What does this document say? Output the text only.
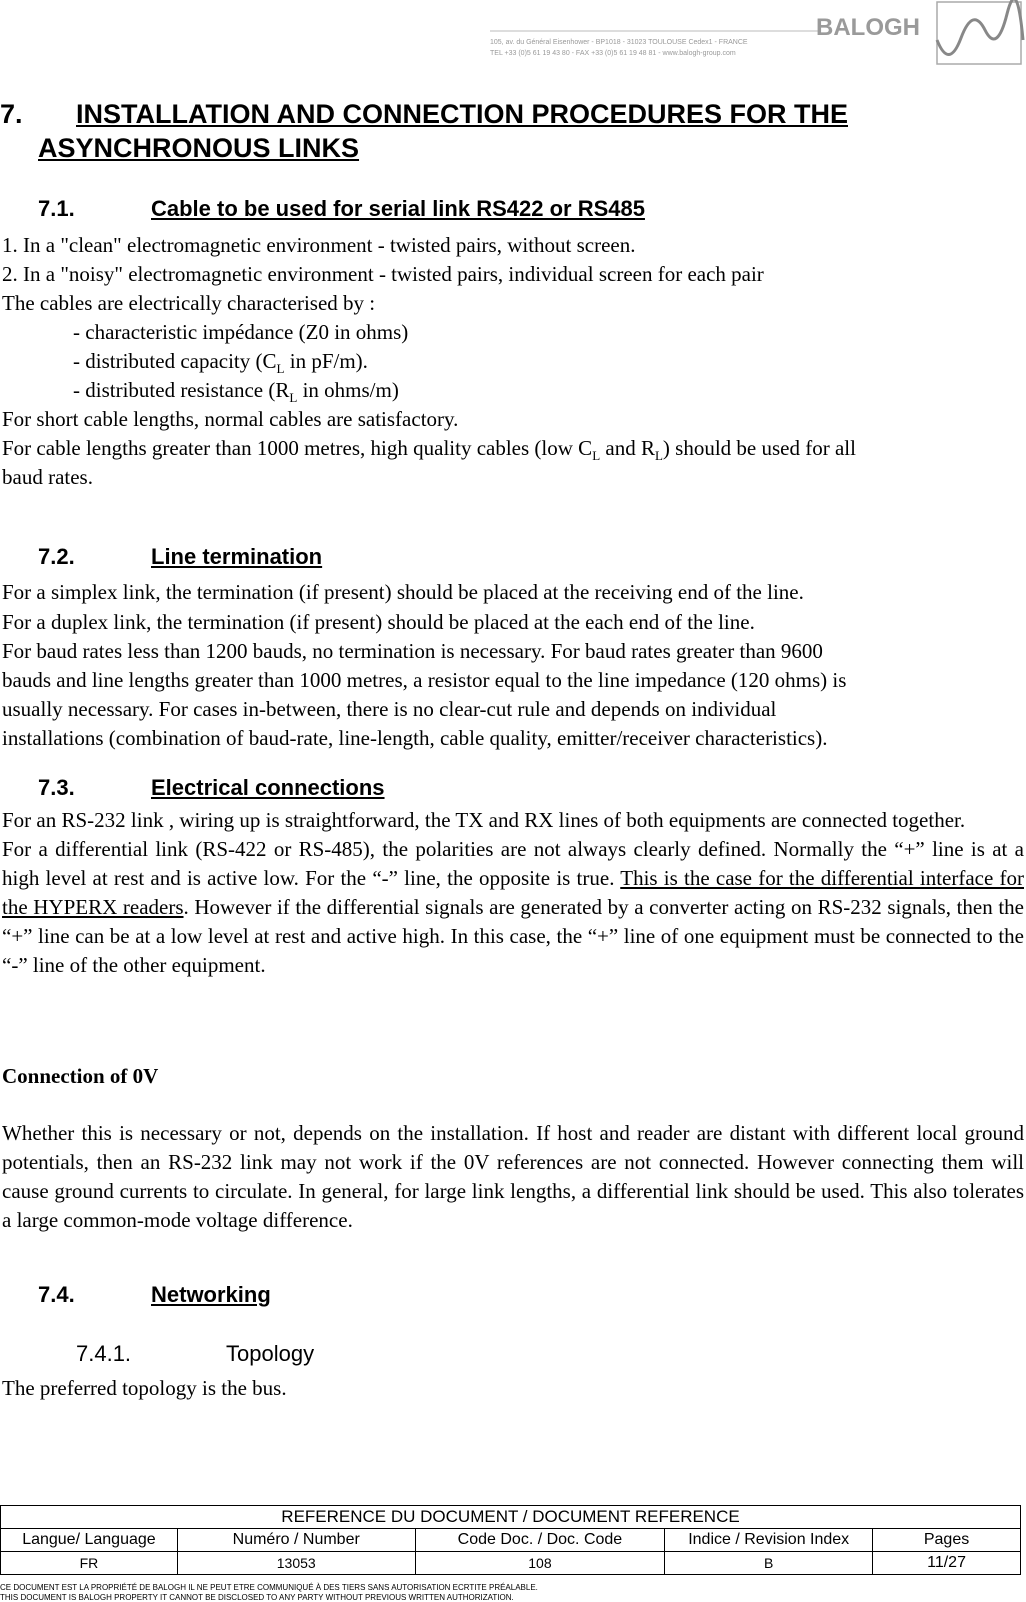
105, av. du Général Eisenhower - BP1018 - 31023 TOULOUSE Cedex1 - FRANCE
TEL +33 (0)5 61 19 43 80 - FAX +33 (0)5 61 19 48 81 - www.balogh-group.com
BALOGH
7. INSTALLATION AND CONNECTION PROCEDURES FOR THE
ASYNCHRONOUS LINKS
7.1.	Cable to be used for serial link RS422 or RS485
1. In a "clean" electromagnetic environment - twisted pairs, without screen.
2. In a "noisy" electromagnetic environment - twisted pairs, individual screen for each pair
The cables are electrically characterised by :
- characteristic impédance (Z0 in ohms)
- distributed capacity ($C_L$ in pF/m).
- distributed resistance ($R_L$ in ohms/m)
For short cable lengths, normal cables are satisfactory.
For cable lengths greater than 1000 metres, high quality cables (low $C_L$ and $R_L$) should be used for all
baud rates.
7.2.	Line termination
For a simplex link, the termination (if present) should be placed at the receiving end of the line.
For a duplex link, the termination (if present) should be placed at the each end of the line.
For baud rates less than 1200 bauds, no termination is necessary. For baud rates greater than 9600
bauds and line lengths greater than 1000 metres, a resistor equal to the line impedance (120 ohms) is
usually necessary. For cases in-between, there is no clear-cut rule and depends on individual
installations (combination of baud-rate, line-length, cable quality, emitter/receiver characteristics).
7.3.	Electrical connections

For an RS-232 link , wiring up is straightforward, the TX and RX lines of both equipments are connected together.

For a differential link (RS-422 or RS-485), the polarities are not always clearly defined. Normally the “+” line is at a high level at rest and is active low. For the “-” line, the opposite is true. This is the case for the differential interface for the HYPERX readers. However if the differential signals are generated by a converter acting on RS-232 signals, then the “+” line can be at a low level at rest and active high. In this case, the “+” line of one equipment must be connected to the “-” line of the other equipment.

Connection of 0V
Whether this is necessary or not, depends on the installation. If host and reader are distant with different local ground potentials, then an RS-232 link may not work if the 0V references are not connected. However connecting them will cause ground currents to circulate. In general, for large link lengths, a differential link should be used. This also tolerates a large common-mode voltage difference.
7.4.	Networking
7.4.1.	Topology
The preferred topology is the bus.
REFERENCE DU DOCUMENT / DOCUMENT REFERENCE				
Langue/ Language	Numéro / Number	Code Doc. / Doc. Code	Indice / Revision Index	Pages
FR	13053	108	B	11/27
CE DOCUMENT EST LA PROPRIÉTÉ DE BALOGH IL NE PEUT ETRE COMMUNIQUÉ À DES TIERS SANS AUTORISATION ECRTITE PRÉALABLE.
THIS DOCUMENT IS BALOGH PROPERTY IT CANNOT BE DISCLOSED TO ANY PARTY WITHOUT PREVIOUS WRITTEN AUTHORIZATION.
